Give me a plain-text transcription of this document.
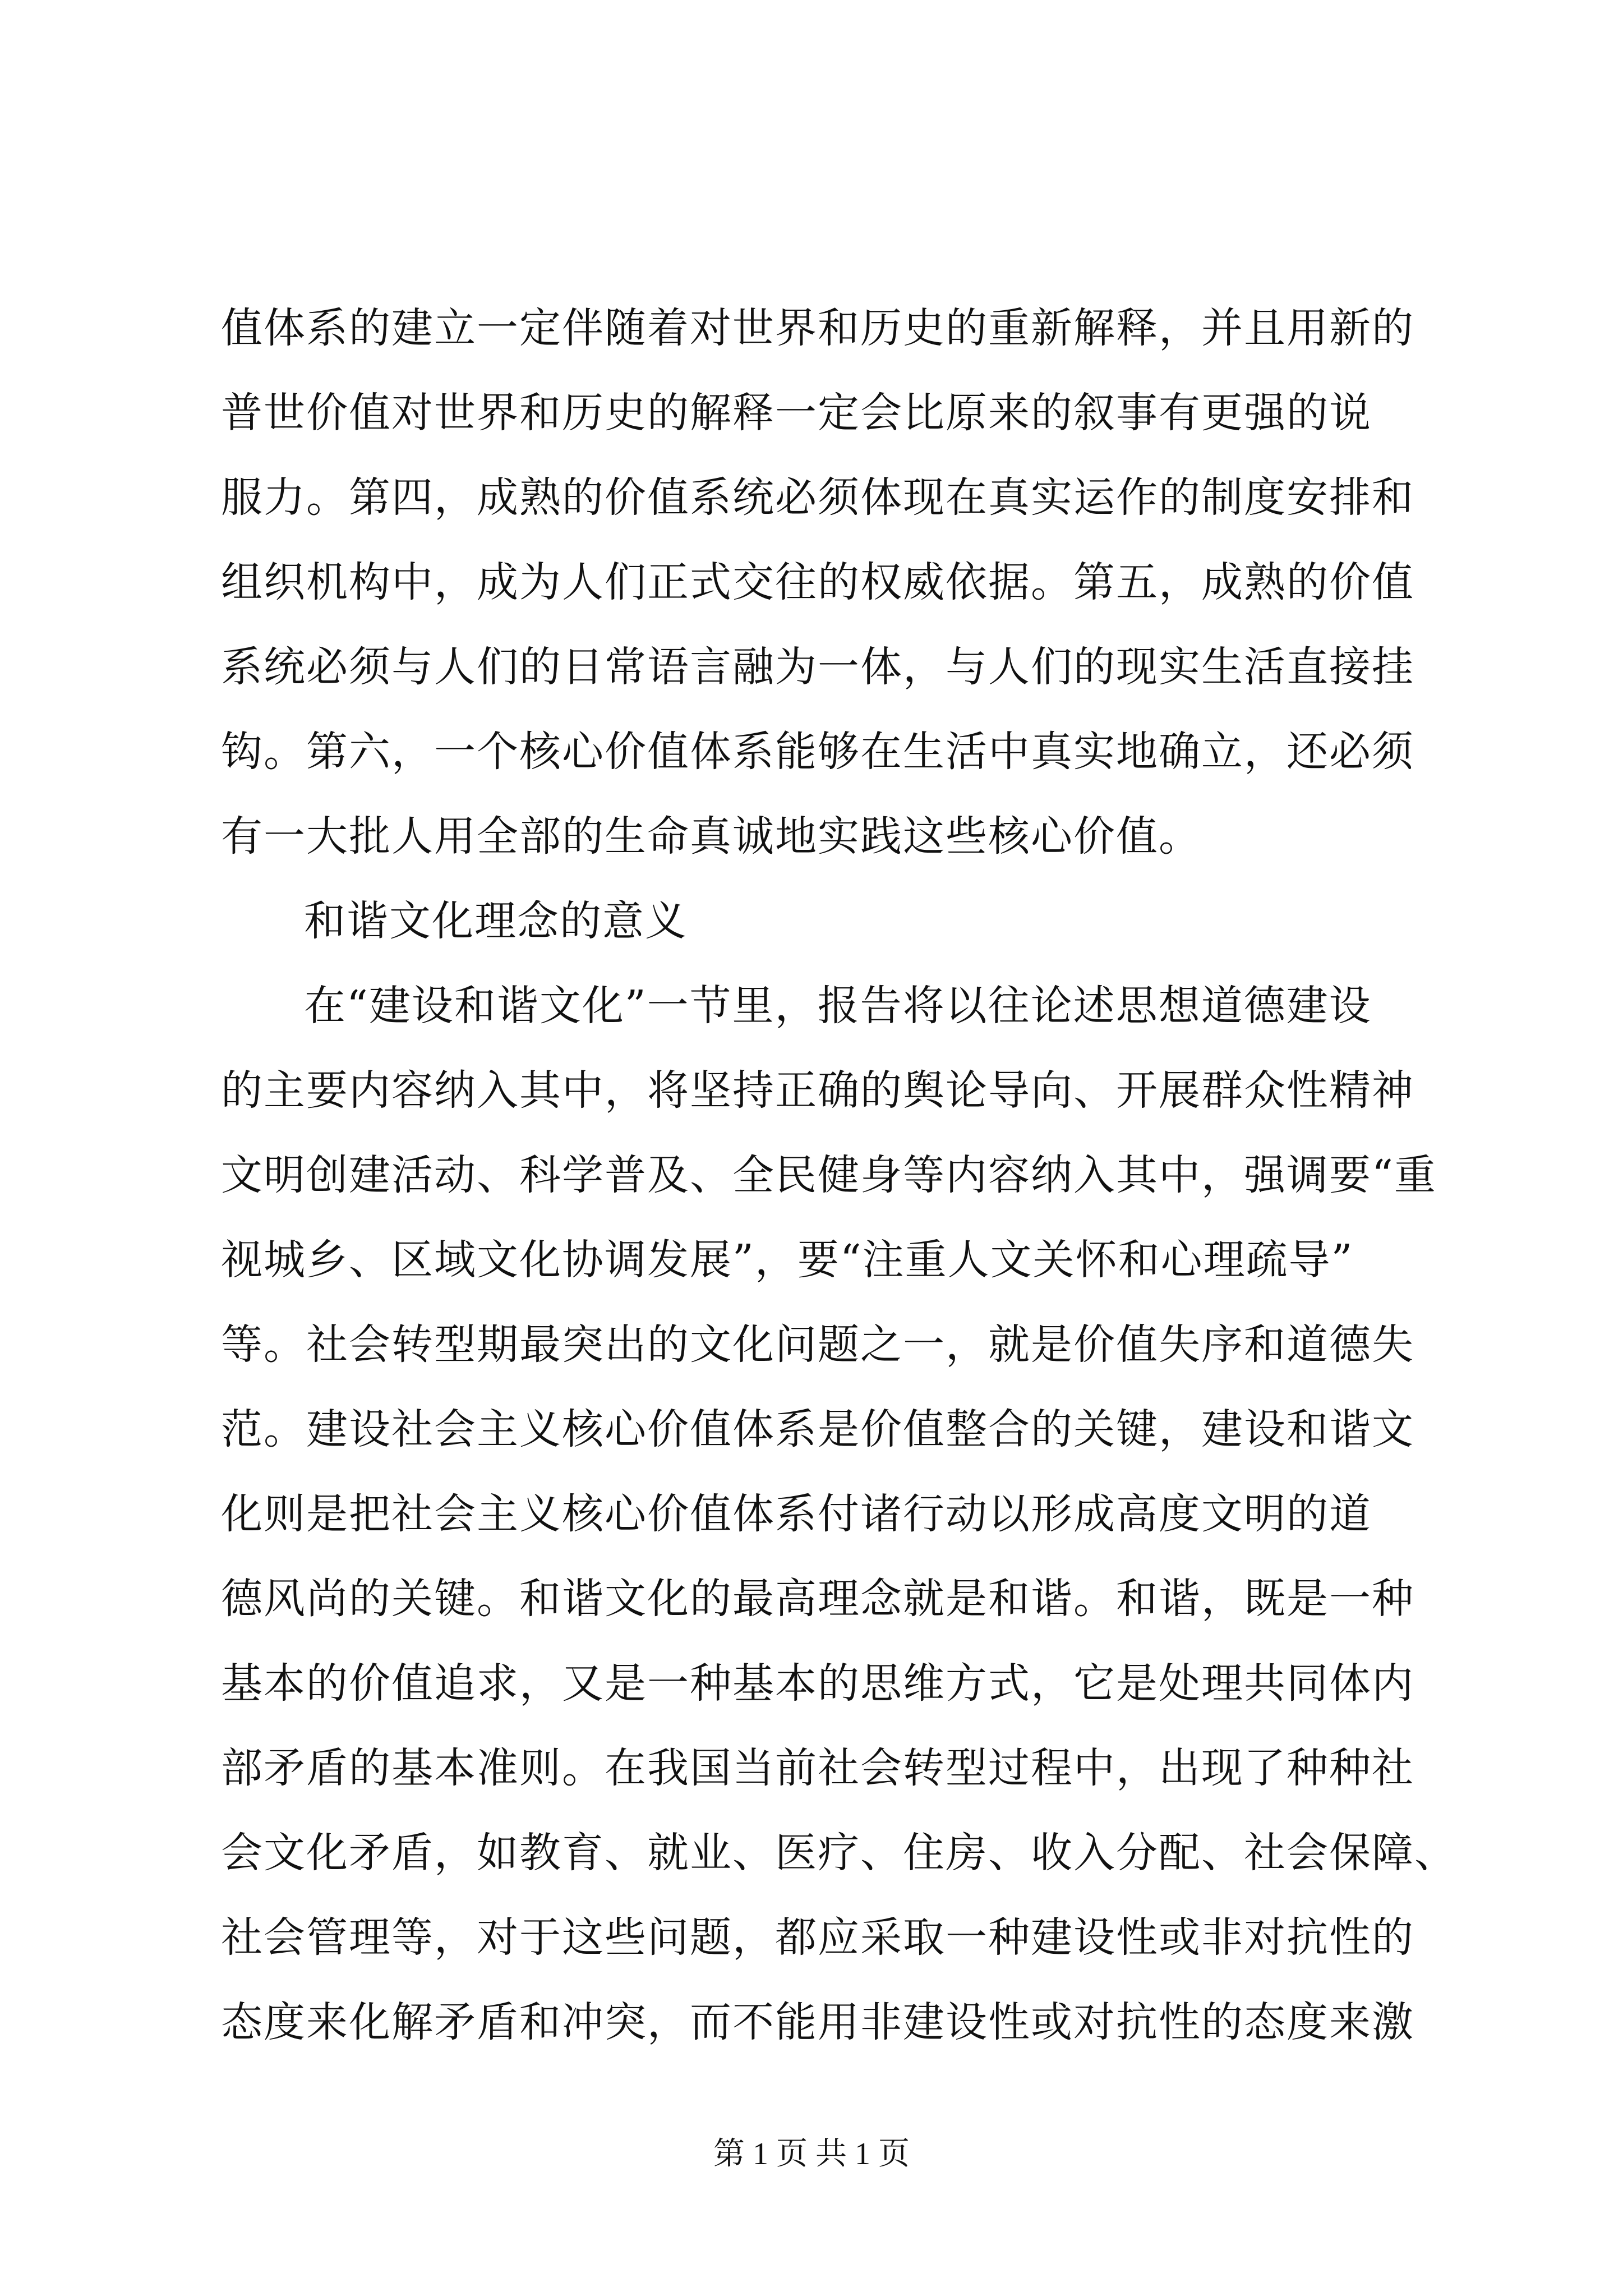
值体系的建立一定伴随着对世界和历史的重新解释，并且用新的
普世价值对世界和历史的解释一定会比原来的叙事有更强的说
服力。第四，成熟的价值系统必须体现在真实运作的制度安排和
组织机构中，成为人们正式交往的权威依据。第五，成熟的价值
系统必须与人们的日常语言融为一体，与人们的现实生活直接挂
钩。第六，一个核心价值体系能够在生活中真实地确立，还必须
有一大批人用全部的生命真诚地实践这些核心价值。
和谐文化理念的意义
在“建设和谐文化”一节里，报告将以往论述思想道德建设
的主要内容纳入其中，将坚持正确的舆论导向、开展群众性精神
文明创建活动、科学普及、全民健身等内容纳入其中，强调要“重
视城乡、区域文化协调发展”，要“注重人文关怀和心理疏导”
等。社会转型期最突出的文化问题之一，就是价值失序和道德失
范。建设社会主义核心价值体系是价值整合的关键，建设和谐文
化则是把社会主义核心价值体系付诸行动以形成高度文明的道
德风尚的关键。和谐文化的最高理念就是和谐。和谐，既是一种
基本的价值追求，又是一种基本的思维方式，它是处理共同体内
部矛盾的基本准则。在我国当前社会转型过程中，出现了种种社
会文化矛盾，如教育、就业、医疗、住房、收入分配、社会保障、
社会管理等，对于这些问题，都应采取一种建设性或非对抗性的
态度来化解矛盾和冲突，而不能用非建设性或对抗性的态度来激
第 1 页 共 1 页
